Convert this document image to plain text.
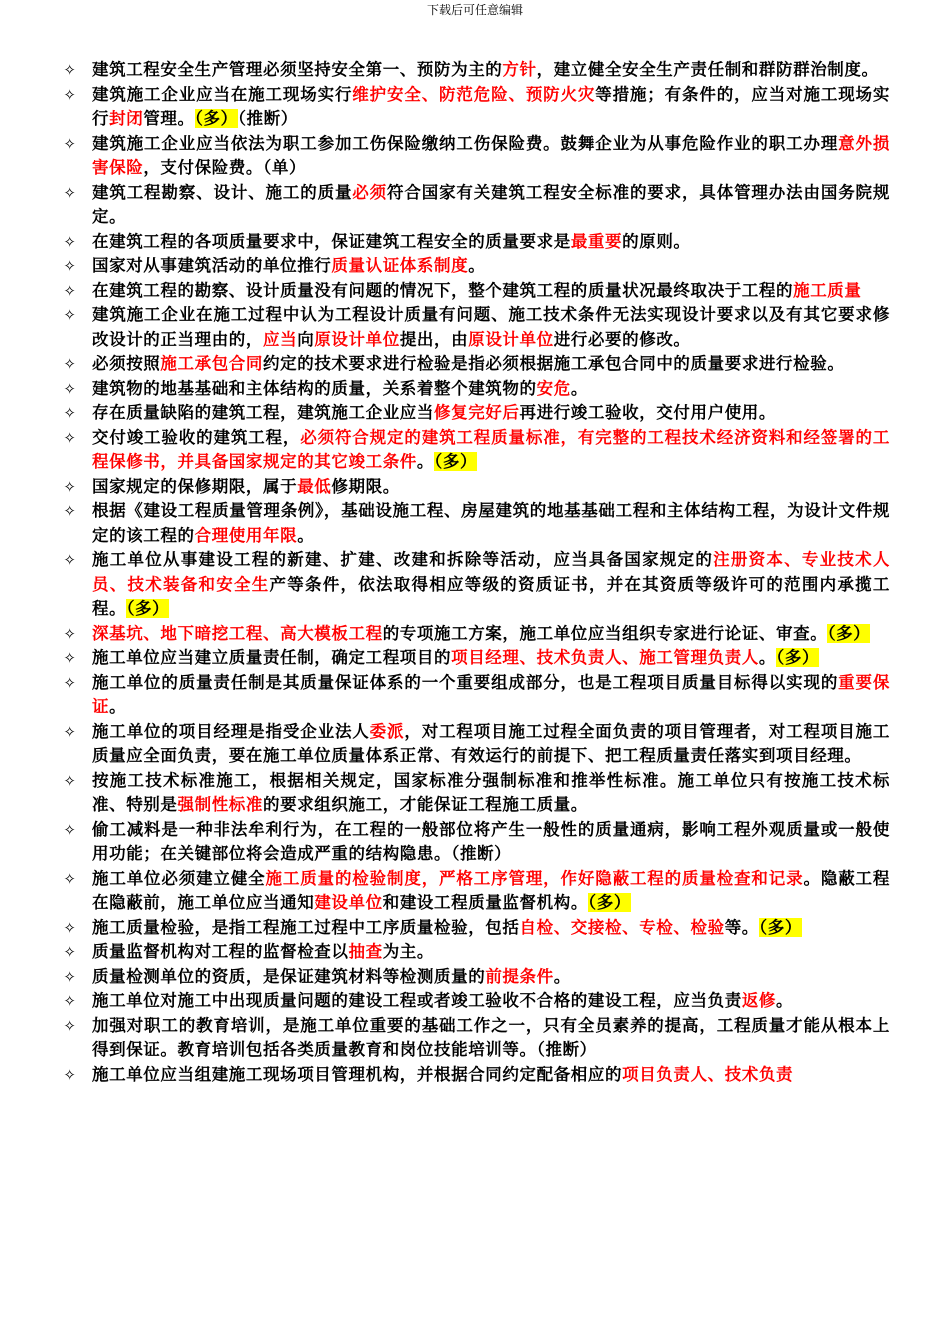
下载后可任意编辑
✧ 建筑工程安全生产管理必须坚持安全第一、预防为主的方针，建立健全安全生产责任制和群防群治制度。
✧ 建筑施工企业应当在施工现场实行维护安全、防范危险、预防火灾等措施；有条件的，应当对施工现场实行封闭管理。（多）（推断）
✧ 建筑施工企业应当依法为职工参加工伤保险缴纳工伤保险费。鼓舞企业为从事危险作业的职工办理意外损害保险，支付保险费。（单）
✧ 建筑工程勘察、设计、施工的质量必须符合国家有关建筑工程安全标准的要求，具体管理办法由国务院规定。
✧ 在建筑工程的各项质量要求中，保证建筑工程安全的质量要求是最重要的原则。
✧ 国家对从事建筑活动的单位推行质量认证体系制度。
✧ 在建筑工程的勘察、设计质量没有问题的情况下，整个建筑工程的质量状况最终取决于工程的施工质量
✧ 建筑施工企业在施工过程中认为工程设计质量有问题、施工技术条件无法实现设计要求以及有其它要求修改设计的正当理由的，应当向原设计单位提出，由原设计单位进行必要的修改。
✧ 必须按照施工承包合同约定的技术要求进行检验是指必须根据施工承包合同中的质量要求进行检验。
✧ 建筑物的地基基础和主体结构的质量，关系着整个建筑物的安危。
✧ 存在质量缺陷的建筑工程，建筑施工企业应当修复完好后再进行竣工验收，交付用户使用。
✧ 交付竣工验收的建筑工程，必须符合规定的建筑工程质量标准，有完整的工程技术经济资料和经签署的工程保修书，并具备国家规定的其它竣工条件。（多）
✧ 国家规定的保修期限，属于最低修期限。
✧ 根据《建设工程质量管理条例》，基础设施工程、房屋建筑的地基基础工程和主体结构工程，为设计文件规定的该工程的合理使用年限。
✧ 施工单位从事建设工程的新建、扩建、改建和拆除等活动，应当具备国家规定的注册资本、专业技术人员、技术装备和安全生产等条件，依法取得相应等级的资质证书，并在其资质等级许可的范围内承揽工程。（多）
✧ 深基坑、地下暗挖工程、高大模板工程的专项施工方案，施工单位应当组织专家进行论证、审查。（多）
✧ 施工单位应当建立质量责任制，确定工程项目的项目经理、技术负责人、施工管理负责人。（多）
✧ 施工单位的质量责任制是其质量保证体系的一个重要组成部分，也是工程项目质量目标得以实现的重要保证。
✧ 施工单位的项目经理是指受企业法人委派，对工程项目施工过程全面负责的项目管理者，对工程项目施工质量应全面负责，要在施工单位质量体系正常、有效运行的前提下、把工程质量责任落实到项目经理。
✧ 按施工技术标准施工，根据相关规定，国家标准分强制标准和推举性标准。施工单位只有按施工技术标准、特别是强制性标准的要求组织施工，才能保证工程施工质量。
✧ 偷工减料是一种非法牟利行为，在工程的一般部位将产生一般性的质量通病，影响工程外观质量或一般使用功能；在关键部位将会造成严重的结构隐患。（推断）
✧ 施工单位必须建立健全施工质量的检验制度，严格工序管理，作好隐蔽工程的质量检查和记录。隐蔽工程在隐蔽前，施工单位应当通知建设单位和建设工程质量监督机构。（多）
✧ 施工质量检验，是指工程施工过程中工序质量检验，包括自检、交接检、专检、检验等。（多）
✧ 质量监督机构对工程的监督检查以抽查为主。
✧ 质量检测单位的资质，是保证建筑材料等检测质量的前提条件。
✧ 施工单位对施工中出现质量问题的建设工程或者竣工验收不合格的建设工程，应当负责返修。
✧ 加强对职工的教育培训，是施工单位重要的基础工作之一，只有全员素养的提高，工程质量才能从根本上得到保证。教育培训包括各类质量教育和岗位技能培训等。（推断）
✧ 施工单位应当组建施工现场项目管理机构，并根据合同约定配备相应的项目负责人、技术负责
